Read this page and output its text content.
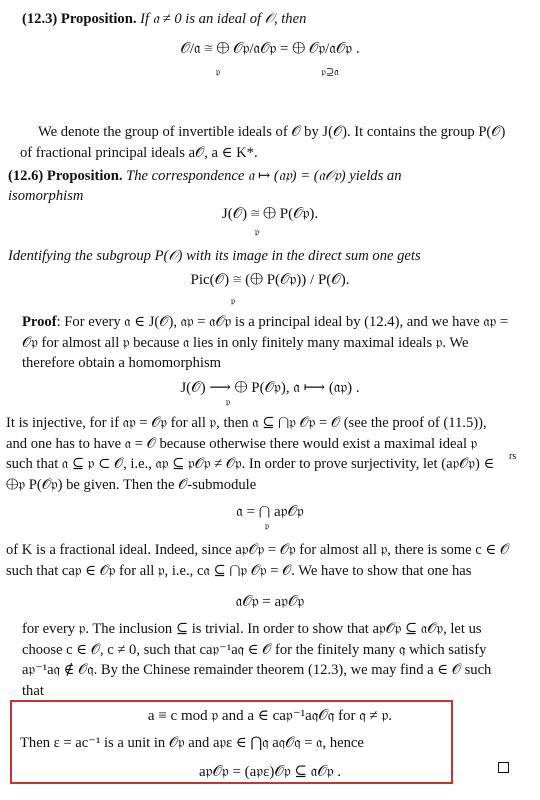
(12.3) Proposition. If 𝔞 ≠ 0 is an ideal of 𝒪, then
𝒪/𝔞 ≅ ⨁ 𝒪𝔭/𝔞𝒪𝔭 = ⨁ 𝒪𝔭/𝔞𝒪𝔭 .
𝔭	𝔭⊇𝔞
We denote the group of invertible ideals of 𝒪 by J(𝒪). It contains the group P(𝒪) of fractional principal ideals a𝒪, a ∈ K*.
(12.6) Proposition. The correspondence 𝔞 ↦ (𝔞𝔭) = (𝔞𝒪𝔭) yields an
isomorphism
J(𝒪) ≅ ⨁ P(𝒪𝔭).
𝔭
Identifying the subgroup P(𝒪) with its image in the direct sum one gets
Pic(𝒪) ≅ (⨁ P(𝒪𝔭)) / P(𝒪).
𝔭
Proof: For every 𝔞 ∈ J(𝒪), 𝔞𝔭 = 𝔞𝒪𝔭 is a principal ideal by (12.4), and we have 𝔞𝔭 = 𝒪𝔭 for almost all 𝔭 because 𝔞 lies in only finitely many maximal ideals 𝔭. We therefore obtain a homomorphism
J(𝒪) ⟶ ⨁ P(𝒪𝔭), 𝔞 ⟼ (𝔞𝔭) .
𝔭
It is injective, for if 𝔞𝔭 = 𝒪𝔭 for all 𝔭, then 𝔞 ⊆ ⋂𝔭 𝒪𝔭 = 𝒪 (see the proof of (11.5)), and one has to have 𝔞 = 𝒪 because otherwise there would exist a maximal ideal 𝔭 such that 𝔞 ⊆ 𝔭 ⊂ 𝒪, i.e., 𝔞𝔭 ⊆ 𝔭𝒪𝔭 ≠ 𝒪𝔭. In order to prove surjectivity, let (a𝔭𝒪𝔭) ∈ ⨁𝔭 P(𝒪𝔭) be given. Then the 𝒪-submodule
rs
𝔞 = ⋂ a𝔭𝒪𝔭
𝔭
of K is a fractional ideal. Indeed, since a𝔭𝒪𝔭 = 𝒪𝔭 for almost all 𝔭, there is some c ∈ 𝒪 such that ca𝔭 ∈ 𝒪𝔭 for all 𝔭, i.e., c𝔞 ⊆ ⋂𝔭 𝒪𝔭 = 𝒪. We have to show that one has
𝔞𝒪𝔭 = a𝔭𝒪𝔭
for every 𝔭. The inclusion ⊆ is trivial. In order to show that a𝔭𝒪𝔭 ⊆ 𝔞𝒪𝔭, let us choose c ∈ 𝒪, c ≠ 0, such that ca𝔭⁻¹a𝔮 ∈ 𝒪 for the finitely many 𝔮 which satisfy a𝔭⁻¹a𝔮 ∉ 𝒪𝔮. By the Chinese remainder theorem (12.3), we may find a ∈ 𝒪 such that
a ≡ c mod 𝔭 and a ∈ ca𝔭⁻¹a𝔮𝒪𝔮 for 𝔮 ≠ 𝔭.
Then ε = ac⁻¹ is a unit in 𝒪𝔭 and a𝔭ε ∈ ⋂𝔮 a𝔮𝒪𝔮 = 𝔞, hence
a𝔭𝒪𝔭 = (a𝔭ε)𝒪𝔭 ⊆ 𝔞𝒪𝔭 .
